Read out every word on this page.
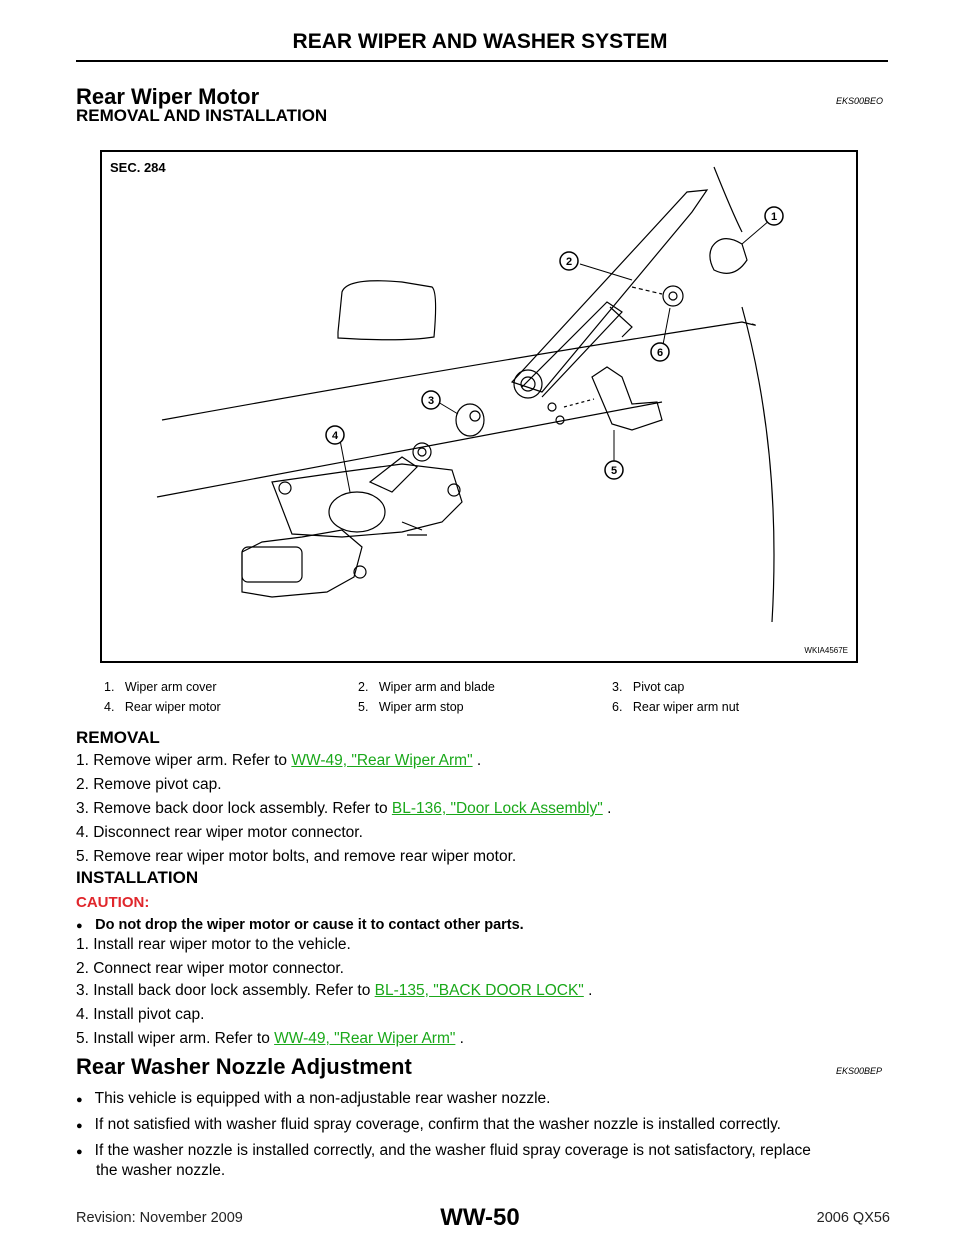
REAR WIPER AND WASHER SYSTEM
Rear Wiper Motor	EKS00BEO
REMOVAL AND INSTALLATION
SEC. 284
WKIA4567E
1
2
3
4
5
6
1. Wiper arm cover	2. Wiper arm and blade	3. Pivot cap
4. Rear wiper motor	5. Wiper arm stop	6. Rear wiper arm nut
REMOVAL
1. Remove wiper arm. Refer to WW-49, "Rear Wiper Arm" .
2. Remove pivot cap.
3. Remove back door lock assembly. Refer to BL-136, "Door Lock Assembly" .
4. Disconnect rear wiper motor connector.
5. Remove rear wiper motor bolts, and remove rear wiper motor.
INSTALLATION
CAUTION:
● Do not drop the wiper motor or cause it to contact other parts.
1. Install rear wiper motor to the vehicle.
2. Connect rear wiper motor connector.
3. Install back door lock assembly. Refer to BL-135, "BACK DOOR LOCK" .
4. Install pivot cap.
5. Install wiper arm. Refer to WW-49, "Rear Wiper Arm" .
Rear Washer Nozzle Adjustment	EKS00BEP
● This vehicle is equipped with a non-adjustable rear washer nozzle.
● If not satisfied with washer fluid spray coverage, confirm that the washer nozzle is installed correctly.
● If the washer nozzle is installed correctly, and the washer fluid spray coverage is not satisfactory, replace
the washer nozzle.
Revision: November 2009	WW-50	2006 QX56
